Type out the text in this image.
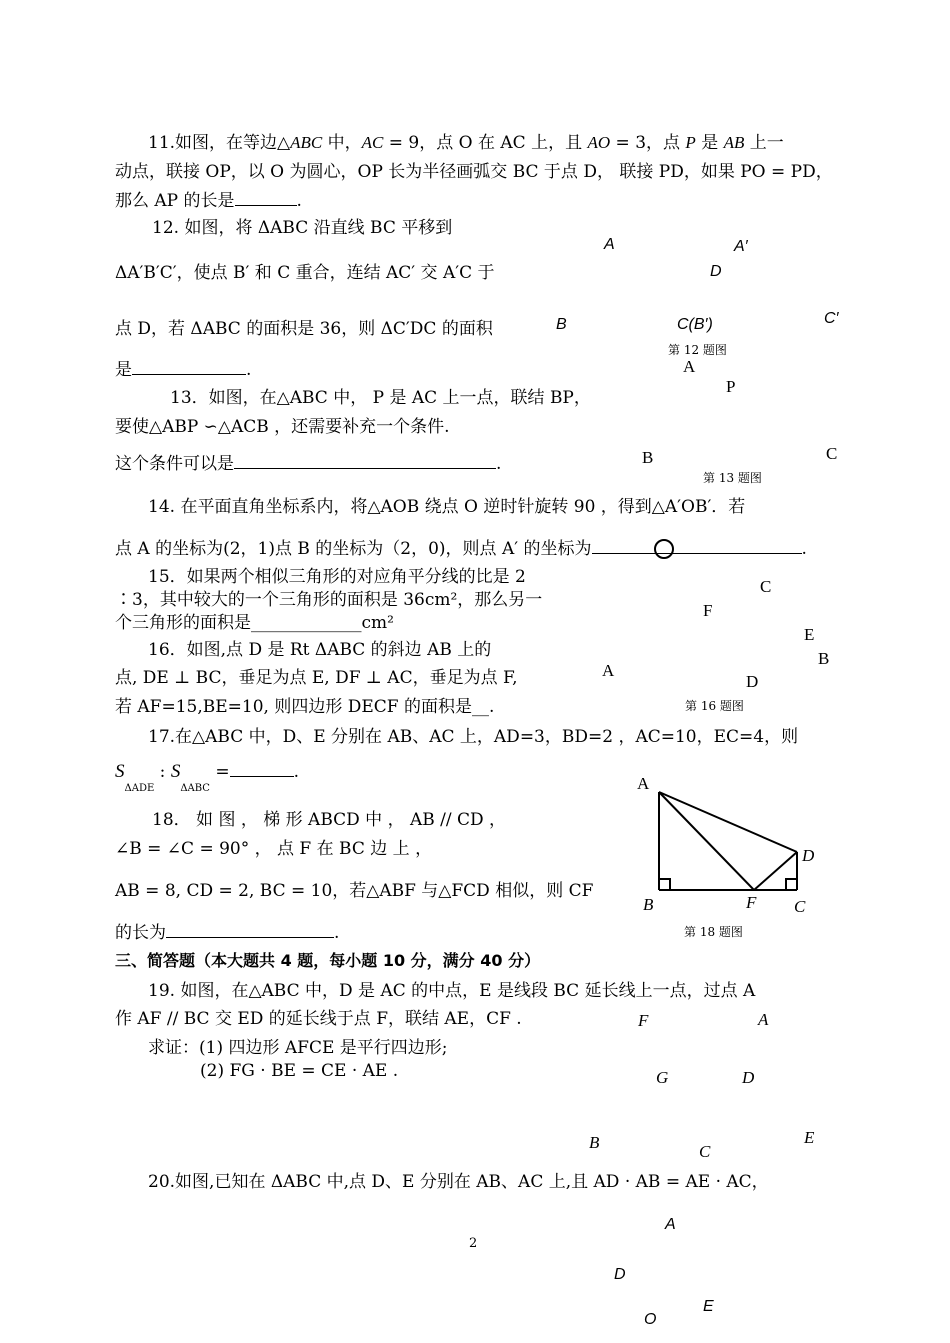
11.如图，在等边△ABC 中，AC = 9，点 O 在 AC 上，且 AO = 3，点 P 是 AB 上一
动点，联接 OP，以 O 为圆心，OP 长为半径画弧交 BC 于点 D， 联接 PD，如果 PO = PD，
那么 AP 的长是	.
12. 如图，将 ΔABC 沿直线 BC 平移到
ΔA′B′C′，使点 B′ 和 C 重合，连结 AC′ 交 A′C 于
点 D，若 ΔABC 的面积是 36，则 ΔC′DC 的面积
是	.
A	A′
D
B	C(B′)	C′
第 12 题图
13．如图，在△ABC 中， P 是 AC 上一点，联结 BP，
要使△ABP ∽△ACB ，还需要补充一个条件.
这个条件可以是	.
A
P
B	C
第 13 题图
14. 在平面直角坐标系内，将△AOB 绕点 O 逆时针旋转 90 ，得到△A′OB′．若
点 A 的坐标为(2，1)点 B 的坐标为（2，0)，则点 A′ 的坐标为	.
15．如果两个相似三角形的对应角平分线的比是 2
∶3，其中较大的一个三角形的面积是 36cm²，那么另一
个三角形的面积是_____________cm²
16．如图,点 D 是 Rt ΔABC 的斜边 AB 上的
点, DE ⊥ BC，垂足为点 E, DF ⊥ AC，垂足为点 F,
若 AF=15,BE=10, 则四边形 DECF 的面积是__.
C
F
E
B
A
D
第 16 题图
17.在△ABC 中，D、E 分别在 AB、AC 上，AD=3，BD=2 ，AC=10，EC=4，则
$S_{\Delta ADE}$ : $S_{\Delta ABC}$ =	.
18． 如 图 ， 梯 形 ABCD 中 ， AB // CD ，
∠B = ∠C = 90° ， 点 F 在 BC 边 上 ，
AB = 8, CD = 2, BC = 10，若△ABF 与△FCD 相似，则 CF
的长为	.
A
D
B	F C
第 18 题图
三、简答题（本大题共 4 题，每小题 10 分，满分 40 分）
19. 如图，在△ABC 中，D 是 AC 的中点，E 是线段 BC 延长线上一点，过点 A
作 AF // BC 交 ED 的延长线于点 F，联结 AE，CF .
求证：(1) 四边形 AFCE 是平行四边形;
(2) FG · BE = CE · AE .
F	A
G	D
B	C
E
20.如图,已知在 ΔABC 中,点 D、E 分别在 AB、AC 上,且 AD · AB = AE · AC，
A
D
O
E
2
